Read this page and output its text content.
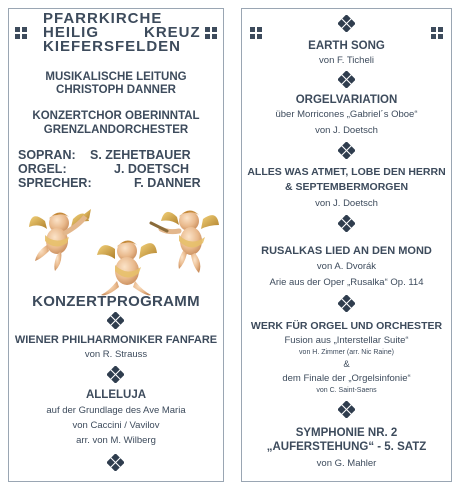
PFARRKIRCHE
HEILIG	KREUZ
KIEFERSFELDEN
MUSIKALISCHE LEITUNG
CHRISTOPH DANNER
KONZERTCHOR OBERINNTAL
GRENZLANDORCHESTER
SOPRAN: S. ZEHETBAUER
ORGEL:	J. DOETSCH
SPRECHER:	F. DANNER
KONZERTPROGRAMM
WIENER PHILHARMONIKER FANFARE
von R. Strauss
ALLELUJA
auf der Grundlage des Ave Maria
von Caccini / Vavilov
arr. von M. Wilberg
EARTH SONG
von F. Ticheli
ORGELVARIATION
über Morricones „Gabriel´s Oboe“
von J. Doetsch
ALLES WAS ATMET, LOBE DEN HERRN
& SEPTEMBERMORGEN
von J. Doetsch
RUSALKAS LIED AN DEN MOND
von A. Dvorák
Arie aus der Oper „Rusalka“ Op. 114
WERK FÜR ORGEL UND ORCHESTER
Fusion aus „Interstellar Suite“
von H. Zimmer (arr. Nic Raine)
&
dem Finale der „Orgelsinfonie“
von C. Saint-Saens
SYMPHONIE NR. 2
„AUFERSTEHUNG“ - 5. SATZ
von G. Mahler
